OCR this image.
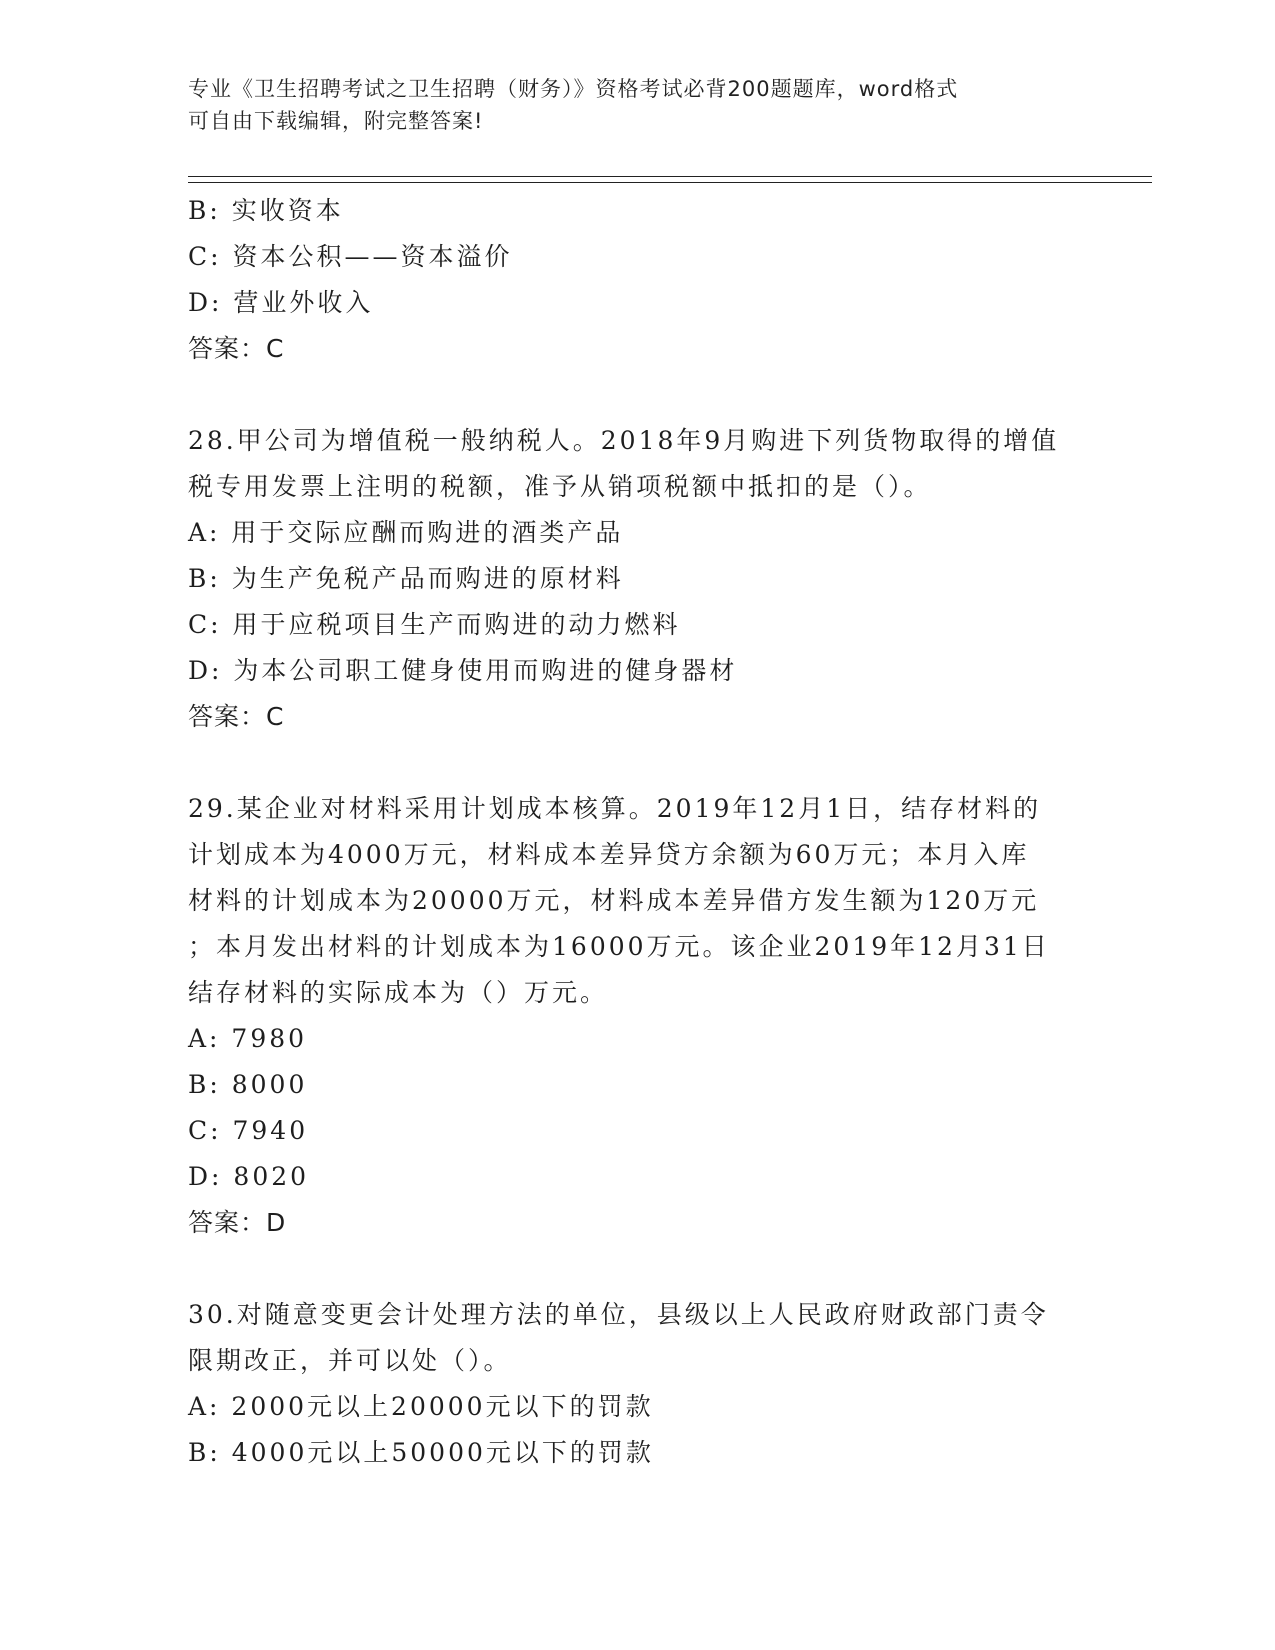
专业《卫生招聘考试之卫生招聘（财务）》资格考试必背200题题库，word格式
可自由下载编辑，附完整答案!
B: 实收资本
C: 资本公积——资本溢价
D: 营业外收入
答案：C
28.甲公司为增值税一般纳税人。2018年9月购进下列货物取得的增值
税专用发票上注明的税额，准予从销项税额中抵扣的是（）。
A: 用于交际应酬而购进的酒类产品
B: 为生产免税产品而购进的原材料
C: 用于应税项目生产而购进的动力燃料
D: 为本公司职工健身使用而购进的健身器材
答案：C
29.某企业对材料采用计划成本核算。2019年12月1日，结存材料的
计划成本为4000万元，材料成本差异贷方余额为60万元；本月入库
材料的计划成本为20000万元，材料成本差异借方发生额为120万元
；本月发出材料的计划成本为16000万元。该企业2019年12月31日
结存材料的实际成本为（）万元。
A: 7980
B: 8000
C: 7940
D: 8020
答案：D
30.对随意变更会计处理方法的单位，县级以上人民政府财政部门责令
限期改正，并可以处（）。
A: 2000元以上20000元以下的罚款
B: 4000元以上50000元以下的罚款
